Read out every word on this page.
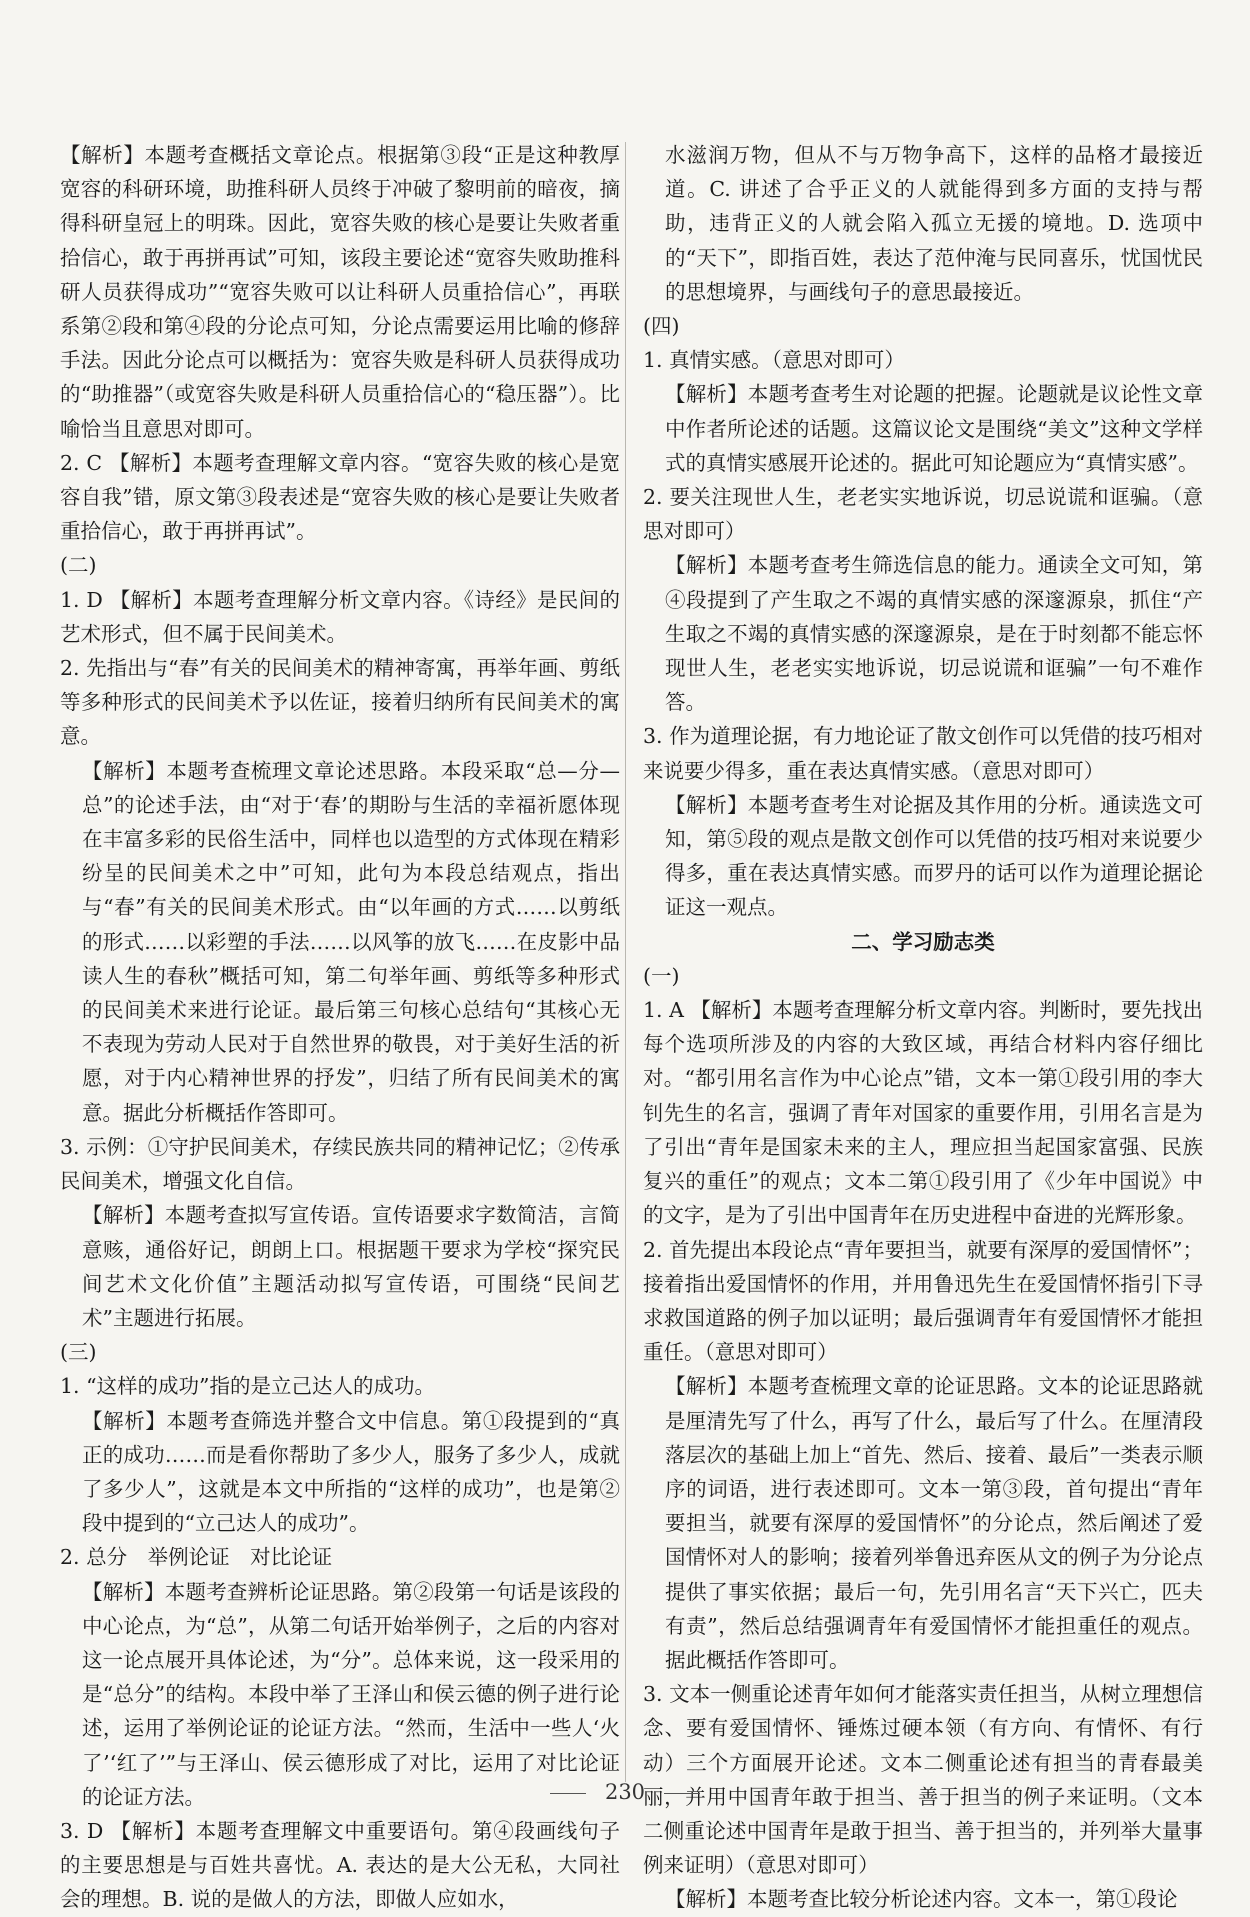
【解析】本题考查概括文章论点。根据第③段“正是这种教厚宽容的科研环境，助推科研人员终于冲破了黎明前的暗夜，摘得科研皇冠上的明珠。因此，宽容失败的核心是要让失败者重拾信心，敢于再拼再试”可知，该段主要论述“宽容失败助推科研人员获得成功”“宽容失败可以让科研人员重拾信心”，再联系第②段和第④段的分论点可知，分论点需要运用比喻的修辞手法。因此分论点可以概括为：宽容失败是科研人员获得成功的“助推器”（或宽容失败是科研人员重拾信心的“稳压器”）。比喻恰当且意思对即可。

2. C 【解析】本题考查理解文章内容。“宽容失败的核心是宽容自我”错，原文第③段表述是“宽容失败的核心是要让失败者重拾信心，敢于再拼再试”。

(二)

1. D 【解析】本题考查理解分析文章内容。《诗经》是民间的艺术形式，但不属于民间美术。

2. 先指出与“春”有关的民间美术的精神寄寓，再举年画、剪纸等多种形式的民间美术予以佐证，接着归纳所有民间美术的寓意。

【解析】本题考查梳理文章论述思路。本段采取“总—分—总”的论述手法，由“对于‘春’的期盼与生活的幸福祈愿体现在丰富多彩的民俗生活中，同样也以造型的方式体现在精彩纷呈的民间美术之中”可知，此句为本段总结观点，指出与“春”有关的民间美术形式。由“以年画的方式……以剪纸的形式……以彩塑的手法……以风筝的放飞……在皮影中品读人生的春秋”概括可知，第二句举年画、剪纸等多种形式的民间美术来进行论证。最后第三句核心总结句“其核心无不表现为劳动人民对于自然世界的敬畏，对于美好生活的祈愿，对于内心精神世界的抒发”，归结了所有民间美术的寓意。据此分析概括作答即可。

3. 示例：①守护民间美术，存续民族共同的精神记忆；②传承民间美术，增强文化自信。

【解析】本题考查拟写宣传语。宣传语要求字数简洁，言简意赅，通俗好记，朗朗上口。根据题干要求为学校“探究民间艺术文化价值”主题活动拟写宣传语，可围绕“民间艺术”主题进行拓展。

(三)

1. “这样的成功”指的是立己达人的成功。

【解析】本题考查筛选并整合文中信息。第①段提到的“真正的成功……而是看你帮助了多少人，服务了多少人，成就了多少人”，这就是本文中所指的“这样的成功”，也是第②段中提到的“立己达人的成功”。

2. 总分　举例论证　对比论证

【解析】本题考查辨析论证思路。第②段第一句话是该段的中心论点，为“总”，从第二句话开始举例子，之后的内容对这一论点展开具体论述，为“分”。总体来说，这一段采用的是“总分”的结构。本段中举了王泽山和侯云德的例子进行论述，运用了举例论证的论证方法。“然而，生活中一些人‘火了’‘红了’”与王泽山、侯云德形成了对比，运用了对比论证的论证方法。

3. D 【解析】本题考查理解文中重要语句。第④段画线句子的主要思想是与百姓共喜忧。A. 表达的是大公无私，大同社会的理想。B. 说的是做人的方法，即做人应如水，

水滋润万物，但从不与万物争高下，这样的品格才最接近道。C. 讲述了合乎正义的人就能得到多方面的支持与帮助，违背正义的人就会陷入孤立无援的境地。D. 选项中的“天下”，即指百姓，表达了范仲淹与民同喜乐，忧国忧民的思想境界，与画线句子的意思最接近。

(四)

1. 真情实感。（意思对即可）

【解析】本题考查考生对论题的把握。论题就是议论性文章中作者所论述的话题。这篇议论文是围绕“美文”这种文学样式的真情实感展开论述的。据此可知论题应为“真情实感”。

2. 要关注现世人生，老老实实地诉说，切忌说谎和诓骗。（意思对即可）

【解析】本题考查考生筛选信息的能力。通读全文可知，第④段提到了产生取之不竭的真情实感的深邃源泉，抓住“产生取之不竭的真情实感的深邃源泉，是在于时刻都不能忘怀现世人生，老老实实地诉说，切忌说谎和诓骗”一句不难作答。

3. 作为道理论据，有力地论证了散文创作可以凭借的技巧相对来说要少得多，重在表达真情实感。（意思对即可）

【解析】本题考查考生对论据及其作用的分析。通读选文可知，第⑤段的观点是散文创作可以凭借的技巧相对来说要少得多，重在表达真情实感。而罗丹的话可以作为道理论据论证这一观点。

二、学习励志类

(一)

1. A 【解析】本题考查理解分析文章内容。判断时，要先找出每个选项所涉及的内容的大致区域，再结合材料内容仔细比对。“都引用名言作为中心论点”错，文本一第①段引用的李大钊先生的名言，强调了青年对国家的重要作用，引用名言是为了引出“青年是国家未来的主人，理应担当起国家富强、民族复兴的重任”的观点；文本二第①段引用了《少年中国说》中的文字，是为了引出中国青年在历史进程中奋进的光辉形象。

2. 首先提出本段论点“青年要担当，就要有深厚的爱国情怀”；接着指出爱国情怀的作用，并用鲁迅先生在爱国情怀指引下寻求救国道路的例子加以证明；最后强调青年有爱国情怀才能担重任。（意思对即可）

【解析】本题考查梳理文章的论证思路。文本的论证思路就是厘清先写了什么，再写了什么，最后写了什么。在厘清段落层次的基础上加上“首先、然后、接着、最后”一类表示顺序的词语，进行表述即可。文本一第③段，首句提出“青年要担当，就要有深厚的爱国情怀”的分论点，然后阐述了爱国情怀对人的影响；接着列举鲁迅弃医从文的例子为分论点提供了事实依据；最后一句，先引用名言“天下兴亡，匹夫有责”，然后总结强调青年有爱国情怀才能担重任的观点。据此概括作答即可。

3. 文本一侧重论述青年如何才能落实责任担当，从树立理想信念、要有爱国情怀、锤炼过硬本领（有方向、有情怀、有行动）三个方面展开论述。文本二侧重论述有担当的青春最美丽，并用中国青年敢于担当、善于担当的例子来证明。（文本二侧重论述中国青年是敢于担当、善于担当的，并列举大量事例来证明）（意思对即可）

【解析】本题考查比较分析论述内容。文本一，第①段论

230
